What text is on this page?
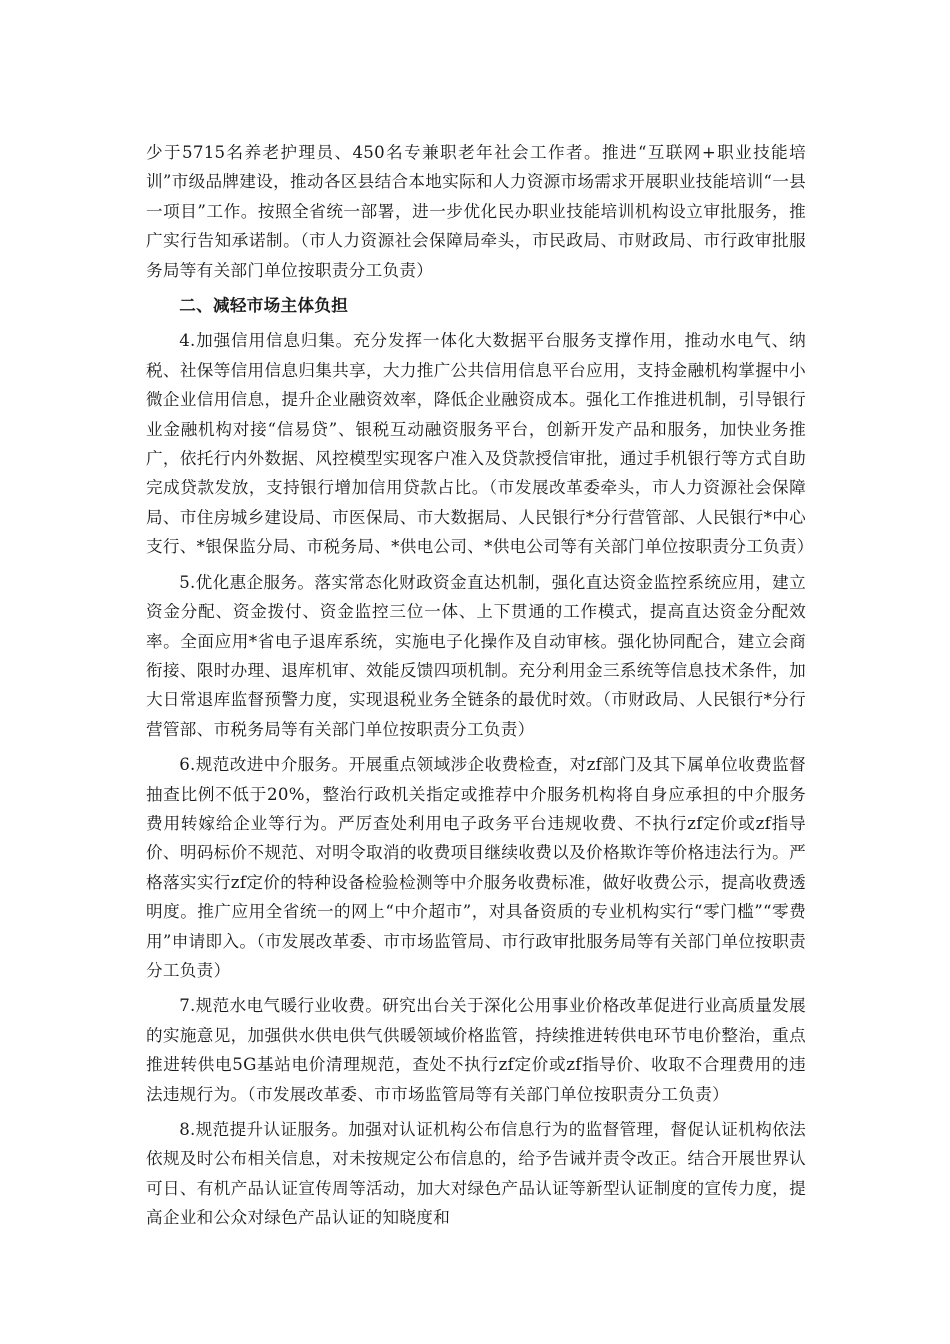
少于5715名养老护理员、450名专兼职老年社会工作者。推进“互联网+职业技能培训”市级品牌建设，推动各区县结合本地实际和人力资源市场需求开展职业技能培训“一县一项目”工作。按照全省统一部署，进一步优化民办职业技能培训机构设立审批服务，推广实行告知承诺制。（市人力资源社会保障局牵头，市民政局、市财政局、市行政审批服务局等有关部门单位按职责分工负责）

二、减轻市场主体负担

4.加强信用信息归集。充分发挥一体化大数据平台服务支撑作用，推动水电气、纳税、社保等信用信息归集共享，大力推广公共信用信息平台应用，支持金融机构掌握中小微企业信用信息，提升企业融资效率，降低企业融资成本。强化工作推进机制，引导银行业金融机构对接“信易贷”、银税互动融资服务平台，创新开发产品和服务，加快业务推广，依托行内外数据、风控模型实现客户准入及贷款授信审批，通过手机银行等方式自助完成贷款发放，支持银行增加信用贷款占比。（市发展改革委牵头，市人力资源社会保障局、市住房城乡建设局、市医保局、市大数据局、人民银行*分行营管部、人民银行*中心支行、*银保监分局、市税务局、*供电公司、*供电公司等有关部门单位按职责分工负责）

5.优化惠企服务。落实常态化财政资金直达机制，强化直达资金监控系统应用，建立资金分配、资金拨付、资金监控三位一体、上下贯通的工作模式，提高直达资金分配效率。全面应用*省电子退库系统，实施电子化操作及自动审核。强化协同配合，建立会商衔接、限时办理、退库机审、效能反馈四项机制。充分利用金三系统等信息技术条件，加大日常退库监督预警力度，实现退税业务全链条的最优时效。（市财政局、人民银行*分行营管部、市税务局等有关部门单位按职责分工负责）

6.规范改进中介服务。开展重点领域涉企收费检查，对zf部门及其下属单位收费监督抽查比例不低于20%，整治行政机关指定或推荐中介服务机构将自身应承担的中介服务费用转嫁给企业等行为。严厉查处利用电子政务平台违规收费、不执行zf定价或zf指导价、明码标价不规范、对明令取消的收费项目继续收费以及价格欺诈等价格违法行为。严格落实实行zf定价的特种设备检验检测等中介服务收费标准，做好收费公示，提高收费透明度。推广应用全省统一的网上“中介超市”，对具备资质的专业机构实行“零门槛”“零费用”申请即入。（市发展改革委、市市场监管局、市行政审批服务局等有关部门单位按职责分工负责）

7.规范水电气暖行业收费。研究出台关于深化公用事业价格改革促进行业高质量发展的实施意见，加强供水供电供气供暖领域价格监管，持续推进转供电环节电价整治，重点推进转供电5G基站电价清理规范，查处不执行zf定价或zf指导价、收取不合理费用的违法违规行为。（市发展改革委、市市场监管局等有关部门单位按职责分工负责）

8.规范提升认证服务。加强对认证机构公布信息行为的监督管理，督促认证机构依法依规及时公布相关信息，对未按规定公布信息的，给予告诫并责令改正。结合开展世界认可日、有机产品认证宣传周等活动，加大对绿色产品认证等新型认证制度的宣传力度，提高企业和公众对绿色产品认证的知晓度和
